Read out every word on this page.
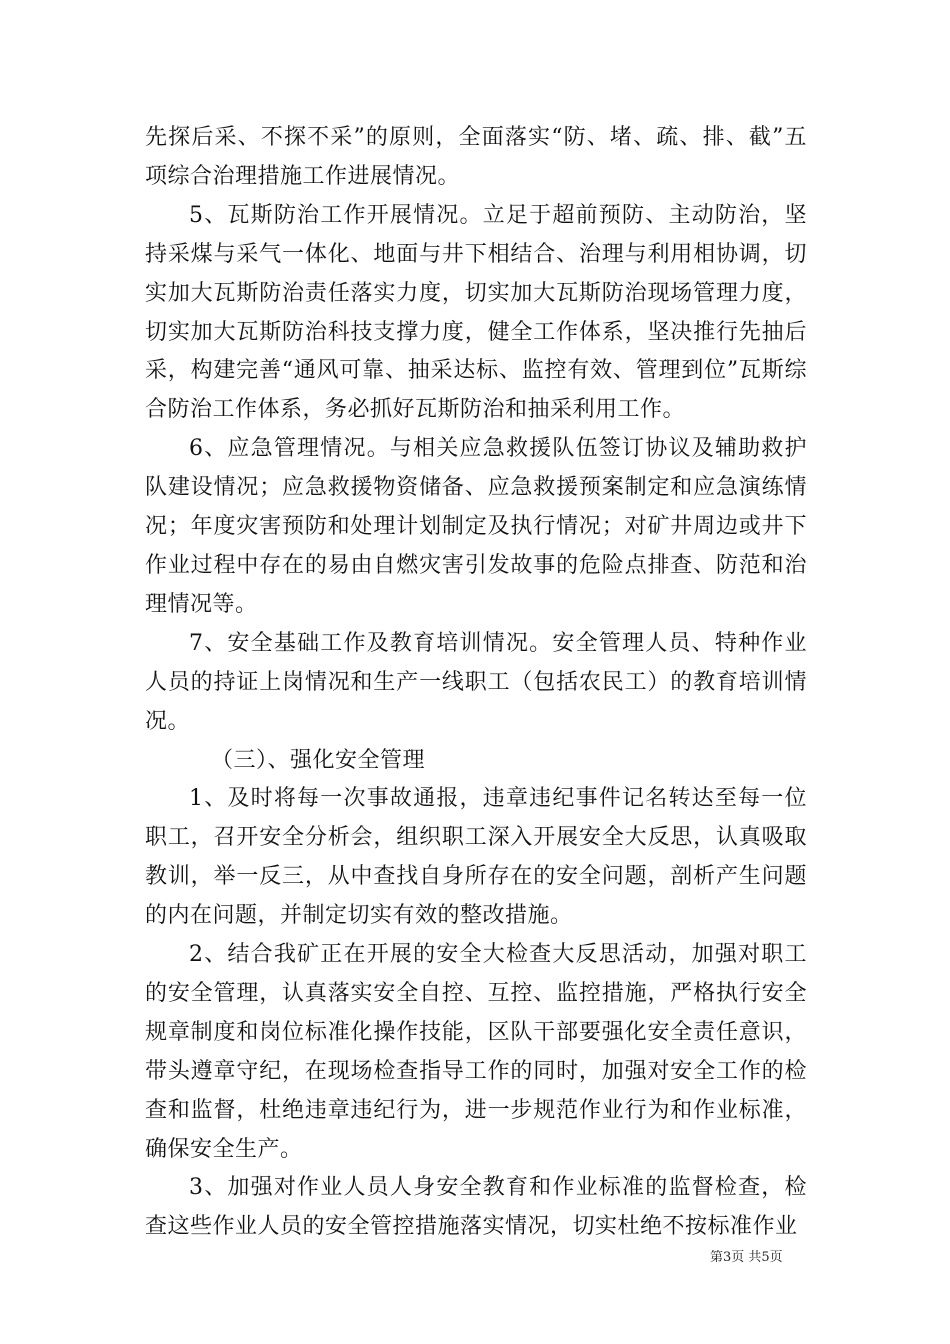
先探后采、不探不采”的原则，全面落实“防、堵、疏、排、截”五项综合治理措施工作进展情况。

5、瓦斯防治工作开展情况。立足于超前预防、主动防治，坚持采煤与采气一体化、地面与井下相结合、治理与利用相协调，切实加大瓦斯防治责任落实力度，切实加大瓦斯防治现场管理力度，切实加大瓦斯防治科技支撑力度，健全工作体系，坚决推行先抽后采，构建完善“通风可靠、抽采达标、监控有效、管理到位”瓦斯综合防治工作体系，务必抓好瓦斯防治和抽采利用工作。

6、应急管理情况。与相关应急救援队伍签订协议及辅助救护队建设情况；应急救援物资储备、应急救援预案制定和应急演练情况；年度灾害预防和处理计划制定及执行情况；对矿井周边或井下作业过程中存在的易由自燃灾害引发故事的危险点排查、防范和治理情况等。

7、安全基础工作及教育培训情况。安全管理人员、特种作业人员的持证上岗情况和生产一线职工（包括农民工）的教育培训情况。

（三）、强化安全管理

1、及时将每一次事故通报，违章违纪事件记名转达至每一位职工，召开安全分析会，组织职工深入开展安全大反思，认真吸取教训，举一反三，从中查找自身所存在的安全问题，剖析产生问题的内在问题，并制定切实有效的整改措施。

2、结合我矿正在开展的安全大检查大反思活动，加强对职工的安全管理，认真落实安全自控、互控、监控措施，严格执行安全规章制度和岗位标准化操作技能，区队干部要强化安全责任意识，带头遵章守纪，在现场检查指导工作的同时，加强对安全工作的检查和监督，杜绝违章违纪行为，进一步规范作业行为和作业标准，确保安全生产。

3、加强对作业人员人身安全教育和作业标准的监督检查，检查这些作业人员的安全管控措施落实情况，切实杜绝不按标准作业

第3页 共5页
